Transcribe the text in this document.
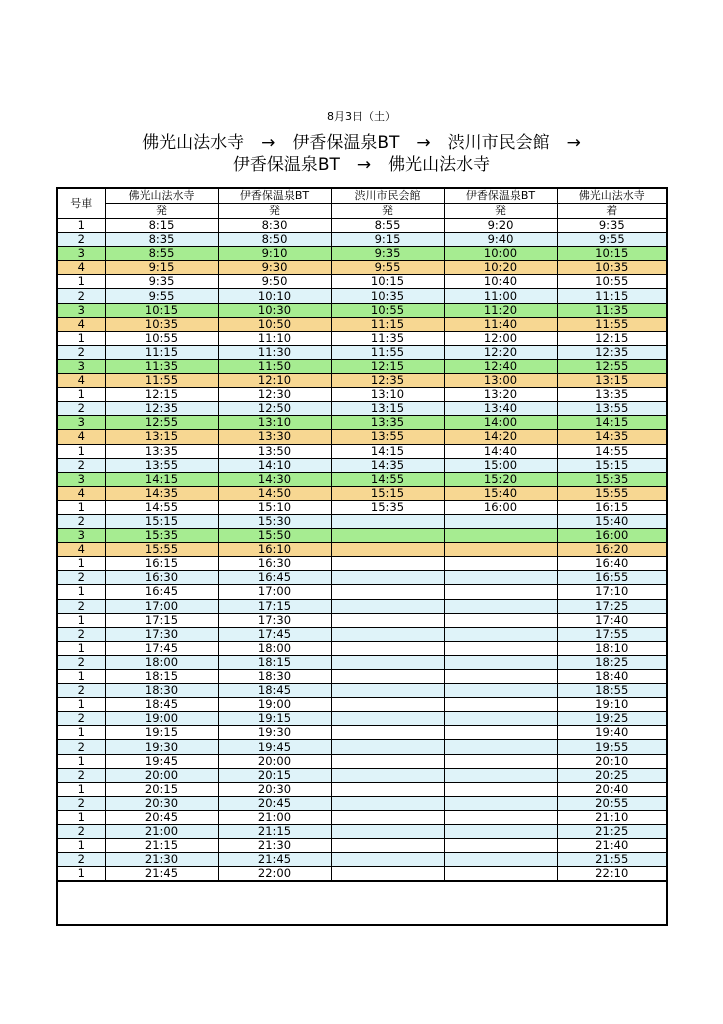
8月3日（土）
佛光山法水寺　→　伊香保温泉BT　→　渋川市民会館　→
伊香保温泉BT　→　佛光山法水寺
号車	佛光山法水寺	伊香保温泉BT	渋川市民会館	伊香保温泉BT	佛光山法水寺
	発	発	発	発	着
1	8:15	8:30	8:55	9:20	9:35
2	8:35	8:50	9:15	9:40	9:55
3	8:55	9:10	9:35	10:00	10:15
4	9:15	9:30	9:55	10:20	10:35
1	9:35	9:50	10:15	10:40	10:55
2	9:55	10:10	10:35	11:00	11:15
3	10:15	10:30	10:55	11:20	11:35
4	10:35	10:50	11:15	11:40	11:55
1	10:55	11:10	11:35	12:00	12:15
2	11:15	11:30	11:55	12:20	12:35
3	11:35	11:50	12:15	12:40	12:55
4	11:55	12:10	12:35	13:00	13:15
1	12:15	12:30	13:10	13:20	13:35
2	12:35	12:50	13:15	13:40	13:55
3	12:55	13:10	13:35	14:00	14:15
4	13:15	13:30	13:55	14:20	14:35
1	13:35	13:50	14:15	14:40	14:55
2	13:55	14:10	14:35	15:00	15:15
3	14:15	14:30	14:55	15:20	15:35
4	14:35	14:50	15:15	15:40	15:55
1	14:55	15:10	15:35	16:00	16:15
2	15:15	15:30			15:40
3	15:35	15:50			16:00
4	15:55	16:10			16:20
1	16:15	16:30			16:40
2	16:30	16:45			16:55
1	16:45	17:00			17:10
2	17:00	17:15			17:25
1	17:15	17:30			17:40
2	17:30	17:45			17:55
1	17:45	18:00			18:10
2	18:00	18:15			18:25
1	18:15	18:30			18:40
2	18:30	18:45			18:55
1	18:45	19:00			19:10
2	19:00	19:15			19:25
1	19:15	19:30			19:40
2	19:30	19:45			19:55
1	19:45	20:00			20:10
2	20:00	20:15			20:25
1	20:15	20:30			20:40
2	20:30	20:45			20:55
1	20:45	21:00			21:10
2	21:00	21:15			21:25
1	21:15	21:30			21:40
2	21:30	21:45			21:55
1	21:45	22:00			22:10
